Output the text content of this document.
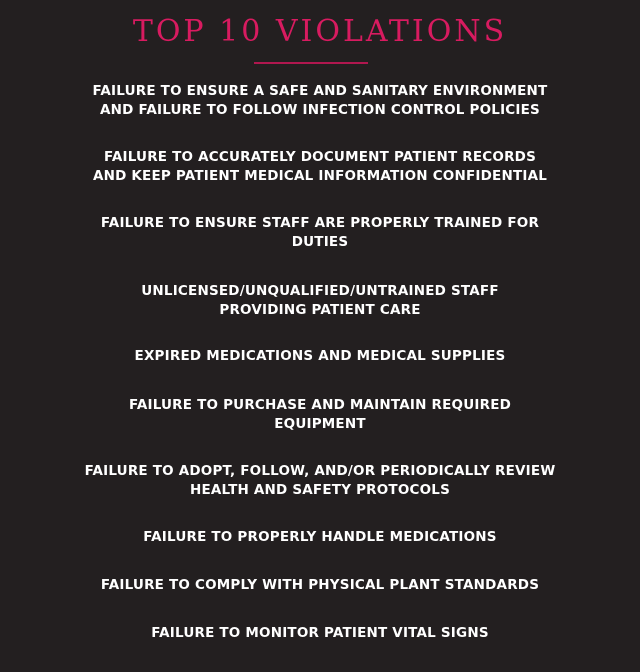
TOP 10 VIOLATIONS
FAILURE TO ENSURE A SAFE AND SANITARY ENVIRONMENT
AND FAILURE TO FOLLOW INFECTION CONTROL POLICIES
FAILURE TO ACCURATELY DOCUMENT PATIENT RECORDS
AND KEEP PATIENT MEDICAL INFORMATION CONFIDENTIAL
FAILURE TO ENSURE STAFF ARE PROPERLY TRAINED FOR
DUTIES
UNLICENSED/UNQUALIFIED/UNTRAINED STAFF
PROVIDING PATIENT CARE
EXPIRED MEDICATIONS AND MEDICAL SUPPLIES
FAILURE TO PURCHASE AND MAINTAIN REQUIRED
EQUIPMENT
FAILURE TO ADOPT, FOLLOW, AND/OR PERIODICALLY REVIEW
HEALTH AND SAFETY PROTOCOLS
FAILURE TO PROPERLY HANDLE MEDICATIONS
FAILURE TO COMPLY WITH PHYSICAL PLANT STANDARDS
FAILURE TO MONITOR PATIENT VITAL SIGNS
